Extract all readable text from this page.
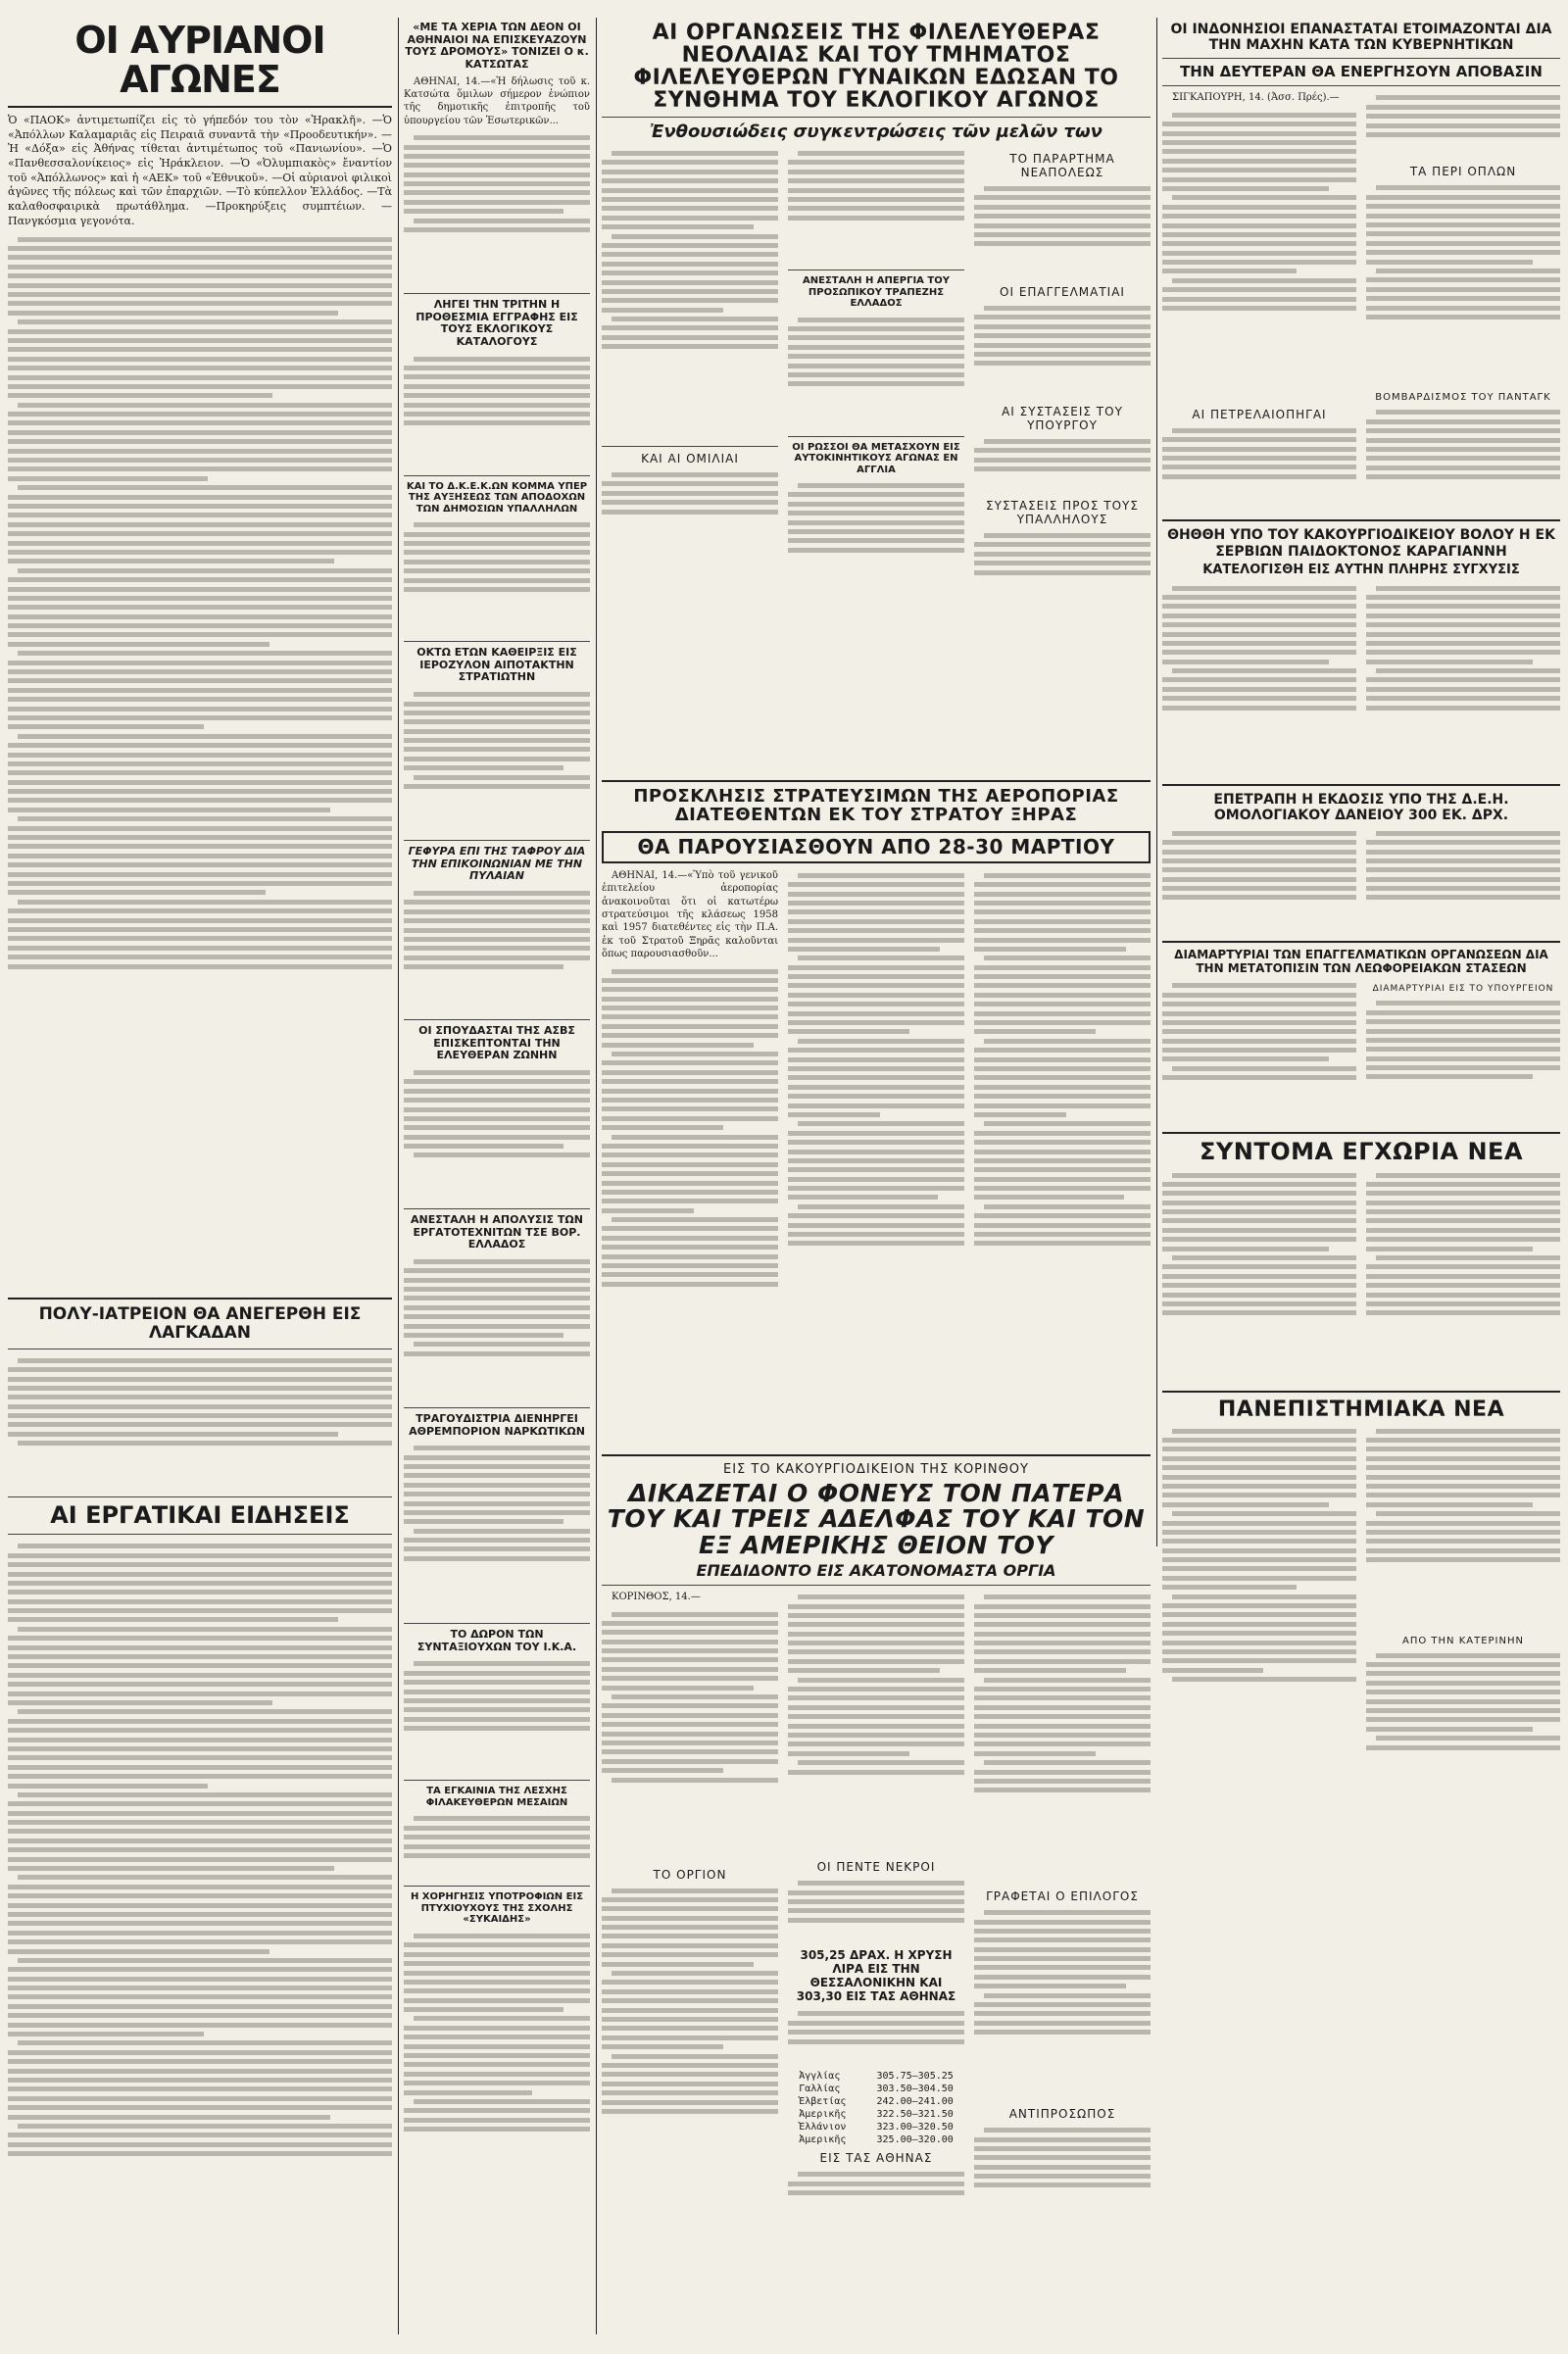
ΟΙ ΑΥΡΙΑΝΟΙ ΑΓΩΝΕΣ

Ὁ «ΠΑΟΚ» ἀντιμετωπίζει εἰς τὸ γήπεδόν του τὸν «Ἡρακλῆ». —Ὁ «Ἀπόλλων Καλαμαριᾶς εἰς Πειραιᾶ συναντᾶ τὴν «Προοδευτικήν». —Ἡ «Δόξα» εἰς Ἀθήνας τίθεται ἀντιμέτωπος τοῦ «Πανιωνίου». —Ὁ «Πανθεσσαλονίκειος» εἰς Ἡράκλειον. —Ὁ «Ὀλυμπιακὸς» ἔναντίον τοῦ «Ἀπόλλωνος» καὶ ἡ «ΑΕΚ» τοῦ «Ἐθνικοῦ». —Οἱ αὐριανοὶ φιλικοὶ ἀγῶνες τῆς πόλεως καὶ τῶν ἐπαρχιῶν. —Τὸ κύπελλον Ἑλλάδος. —Τὰ καλαθοσφαιρικὰ πρωτάθλημα. —Προκηρύξεις συμπτέιων. —Πανγκόσμια γεγονότα.

ΠΟΛΥ-ΙΑΤΡΕΙΟΝ ΘΑ ΑΝΕΓΕΡΘΗ ΕΙΣ ΛΑΓΚΑΔΑΝ
ΑΙ ΕΡΓΑΤΙΚΑΙ ΕΙΔΗΣΕΙΣ
«ΜΕ ΤΑ ΧΕΡΙΑ ΤΩΝ ΔΕΟΝ ΟΙ ΑΘΗΝΑΙΟΙ ΝΑ ΕΠΙΣΚΕΥΑΖΟΥΝ ΤΟΥΣ ΔΡΟΜΟΥΣ» ΤΟΝΙΖΕΙ Ο κ. ΚΑΤΣΩΤΑΣ

ΑΘΗΝΑΙ, 14.—«Ἡ δήλωσις τοῦ κ. Κατσώτα ὅμιλων σήμερον ἐνώπιον τῆς δημοτικῆς ἐπιτροπῆς τοῦ ὑπουργείου τῶν Ἐσωτερικῶν...

ΛΗΓΕΙ ΤΗΝ ΤΡΙΤΗΝ Η ΠΡΟΘΕΣΜΙΑ ΕΓΓΡΑΦΗΣ ΕΙΣ ΤΟΥΣ ΕΚΛΟΓΙΚΟΥΣ ΚΑΤΑΛΟΓΟΥΣ
ΚΑΙ ΤΟ Δ.Κ.Ε.Κ.ΩΝ ΚΟΜΜΑ ΥΠΕΡ ΤΗΣ ΑΥΞΗΣΕΩΣ ΤΩΝ ΑΠΟΔΟΧΩΝ ΤΩΝ ΔΗΜΟΣΙΩΝ ΥΠΑΛΛΗΛΩΝ
ΟΚΤΩ ΕΤΩΝ ΚΑΘΕΙΡΞΙΣ ΕΙΣ ΙΕΡΟΖΥΛΟΝ ΑΙΠΟΤΑΚΤΗΝ ΣΤΡΑΤΙΩΤΗΝ
ΓΕΦΥΡΑ ΕΠΙ ΤΗΣ ΤΑΦΡΟΥ ΔΙΑ ΤΗΝ ΕΠΙΚΟΙΝΩΝΙΑΝ ΜΕ ΤΗΝ ΠΥΛΑΙΑΝ
ΟΙ ΣΠΟΥΔΑΣΤΑΙ ΤΗΣ ΑΣΒΣ ΕΠΙΣΚΕΠΤΟΝΤΑΙ ΤΗΝ ΕΛΕΥΘΕΡΑΝ ΖΩΝΗΝ
ΑΝΕΣΤΑΛΗ Η ΑΠΟΛΥΣΙΣ ΤΩΝ ΕΡΓΑΤΟΤΕΧΝΙΤΩΝ ΤΣΕ ΒΟΡ. ΕΛΛΑΔΟΣ
ΤΡΑΓΟΥΔΙΣΤΡΙΑ ΔΙΕΝΗΡΓΕΙ ΑΘΡΕΜΠΟΡΙΟΝ ΝΑΡΚΩΤΙΚΩΝ
ΤΟ ΔΩΡΟΝ ΤΩΝ ΣΥΝΤΑΞΙΟΥΧΩΝ ΤΟΥ Ι.Κ.Α.
ΤΑ ΕΓΚΑΙΝΙΑ ΤΗΣ ΛΕΣΧΗΣ ΦΙΛΑΚΕΥΘΕΡΩΝ ΜΕΣΑΙΩΝ
Η ΧΟΡΗΓΗΣΙΣ ΥΠΟΤΡΟΦΙΩΝ ΕΙΣ ΠΤΥΧΙΟΥΧΟΥΣ ΤΗΣ ΣΧΟΛΗΣ «ΣΥΚΑΙΔΗΣ»
ΑΙ ΟΡΓΑΝΩΣΕΙΣ ΤΗΣ ΦΙΛΕΛΕΥΘΕΡΑΣ ΝΕΟΛΑΙΑΣ ΚΑΙ ΤΟΥ ΤΜΗΜΑΤΟΣ ΦΙΛΕΛΕΥΘΕΡΩΝ ΓΥΝΑΙΚΩΝ ΕΔΩΣΑΝ ΤΟ ΣΥΝΘΗΜΑ ΤΟΥ ΕΚΛΟΓΙΚΟΥ ΑΓΩΝΟΣ
Ἐνθουσιώδεις συγκεντρώσεις τῶν μελῶν των
ΚΑΙ ΑΙ ΟΜΙΛΙΑΙ
ΑΝΕΣΤΑΛΗ Η ΑΠΕΡΓΙΑ ΤΟΥ ΠΡΟΣΩΠΙΚΟΥ ΤΡΑΠΕΖΗΣ ΕΛΛΑΔΟΣ
ΟΙ ΡΩΣΣΟΙ ΘΑ ΜΕΤΑΣΧΟΥΝ ΕΙΣ ΑΥΤΟΚΙΝΗΤΙΚΟΥΣ ΑΓΩΝΑΣ ΕΝ ΑΓΓΛΙΑ
ΤΟ ΠΑΡΑΡΤΗΜΑ ΝΕΑΠΟΛΕΩΣ
ΟΙ ΕΠΑΓΓΕΛΜΑΤΙΑΙ
ΑΙ ΣΥΣΤΑΣΕΙΣ ΤΟΥ ΥΠΟΥΡΓΟΥ
ΣΥΣΤΑΣΕΙΣ ΠΡΟΣ ΤΟΥΣ ΥΠΑΛΛΗΛΟΥΣ
ΠΡΟΣΚΛΗΣΙΣ ΣΤΡΑΤΕΥΣΙΜΩΝ ΤΗΣ ΑΕΡΟΠΟΡΙΑΣ ΔΙΑΤΕΘΕΝΤΩΝ ΕΚ ΤΟΥ ΣΤΡΑΤΟΥ ΞΗΡΑΣ
ΘΑ ΠΑΡΟΥΣΙΑΣΘΟΥΝ ΑΠΟ 28-30 ΜΑΡΤΙΟΥ

ΑΘΗΝΑΙ, 14.—«Ὑπὸ τοῦ γενικοῦ ἐπιτελείου ἀεροπορίας ἀνακοινοῦται ὅτι οἱ κατωτέρω στρατεύσιμοι τῆς κλάσεως 1958 καὶ 1957 διατεθέντες εἰς τὴν Π.Α. ἐκ τοῦ Στρατοῦ Ξηρᾶς καλοῦνται ὅπως παρουσιασθοῦν...

ΕΙΣ ΤΟ ΚΑΚΟΥΡΓΙΟΔΙΚΕΙΟΝ ΤΗΣ ΚΟΡΙΝΘΟΥ
ΔΙΚΑΖΕΤΑΙ Ο ΦΟΝΕΥΣ ΤΟΝ ΠΑΤΕΡΑ ΤΟΥ ΚΑΙ ΤΡΕΙΣ ΑΔΕΛΦΑΣ ΤΟΥ ΚΑΙ ΤΟΝ ΕΞ ΑΜΕΡΙΚΗΣ ΘΕΙΟΝ ΤΟΥ
ΕΠΕΔΙΔΟΝΤΟ ΕΙΣ ΑΚΑΤΟΝΟΜΑΣΤΑ ΟΡΓΙΑ

ΚΟΡΙΝΘΟΣ, 14.—

ΤΟ ΟΡΓΙΟΝ
ΟΙ ΠΕΝΤΕ ΝΕΚΡΟΙ
305,25 ΔΡΑΧ. Η ΧΡΥΣΗ ΛΙΡΑ ΕΙΣ ΤΗΝ ΘΕΣΣΑΛΟΝΙΚΗΝ ΚΑΙ 303,30 ΕΙΣ ΤΑΣ ΑΘΗΝΑΣ
Ἀγγλίας	305.75—305.25
Γαλλίας	303.50—304.50
Ἑλβετίας	242.00—241.00
Ἀμερικῆς	322.50—321.50
Ἑλλάνιον	323.00—320.50
Ἀμερικῆς	325.00—320.00
ΕΙΣ ΤΑΣ ΑΘΗΝΑΣ
ΓΡΑΦΕΤΑΙ Ο ΕΠΙΛΟΓΟΣ
ΑΝΤΙΠΡΟΣΩΠΟΣ
ΟΙ ΙΝΔΟΝΗΣΙΟΙ ΕΠΑΝΑΣΤΑΤΑΙ ΕΤΟΙΜΑΖΟΝΤΑΙ ΔΙΑ ΤΗΝ ΜΑΧΗΝ ΚΑΤΑ ΤΩΝ ΚΥΒΕΡΝΗΤΙΚΩΝ
ΤΗΝ ΔΕΥΤΕΡΑΝ ΘΑ ΕΝΕΡΓΗΣΟΥΝ ΑΠΟΒΑΣΙΝ

ΣΙΓΚΑΠΟΥΡΗ, 14. (Ἀσσ. Πρές).—

ΑΙ ΠΕΤΡΕΛΑΙΟΠΗΓΑΙ
ΤΑ ΠΕΡΙ ΟΠΛΩΝ
ΒΟΜΒΑΡΔΙΣΜΟΣ ΤΟΥ ΠΑΝΤΑΓΚ
ΘΗΘΘΗ ΥΠΟ ΤΟΥ ΚΑΚΟΥΡΓΙΟΔΙΚΕΙΟΥ ΒΟΛΟΥ Η ΕΚ ΣΕΡΒΙΩΝ ΠΑΙΔΟΚΤΟΝΟΣ ΚΑΡΑΓΙΑΝΝΗ
ΚΑΤΕΛΟΓΙΣΘΗ ΕΙΣ ΑΥΤΗΝ ΠΛΗΡΗΣ ΣΥΓΧΥΣΙΣ
ΕΠΕΤΡΑΠΗ Η ΕΚΔΟΣΙΣ ΥΠΟ ΤΗΣ Δ.Ε.Η. ΟΜΟΛΟΓΙΑΚΟΥ ΔΑΝΕΙΟΥ 300 ΕΚ. ΔΡΧ.
ΔΙΑΜΑΡΤΥΡΙΑΙ ΤΩΝ ΕΠΑΓΓΕΛΜΑΤΙΚΩΝ ΟΡΓΑΝΩΣΕΩΝ ΔΙΑ ΤΗΝ ΜΕΤΑΤΟΠΙΣΙΝ ΤΩΝ ΛΕΩΦΟΡΕΙΑΚΩΝ ΣΤΑΣΕΩΝ
ΔΙΑΜΑΡΤΥΡΙΑΙ ΕΙΣ ΤΟ ΥΠΟΥΡΓΕΙΟΝ
ΣΥΝΤΟΜΑ ΕΓΧΩΡΙΑ ΝΕΑ
ΠΑΝΕΠΙΣΤΗΜΙΑΚΑ ΝΕΑ
ΑΠΟ ΤΗΝ ΚΑΤΕΡΙΝΗΝ
